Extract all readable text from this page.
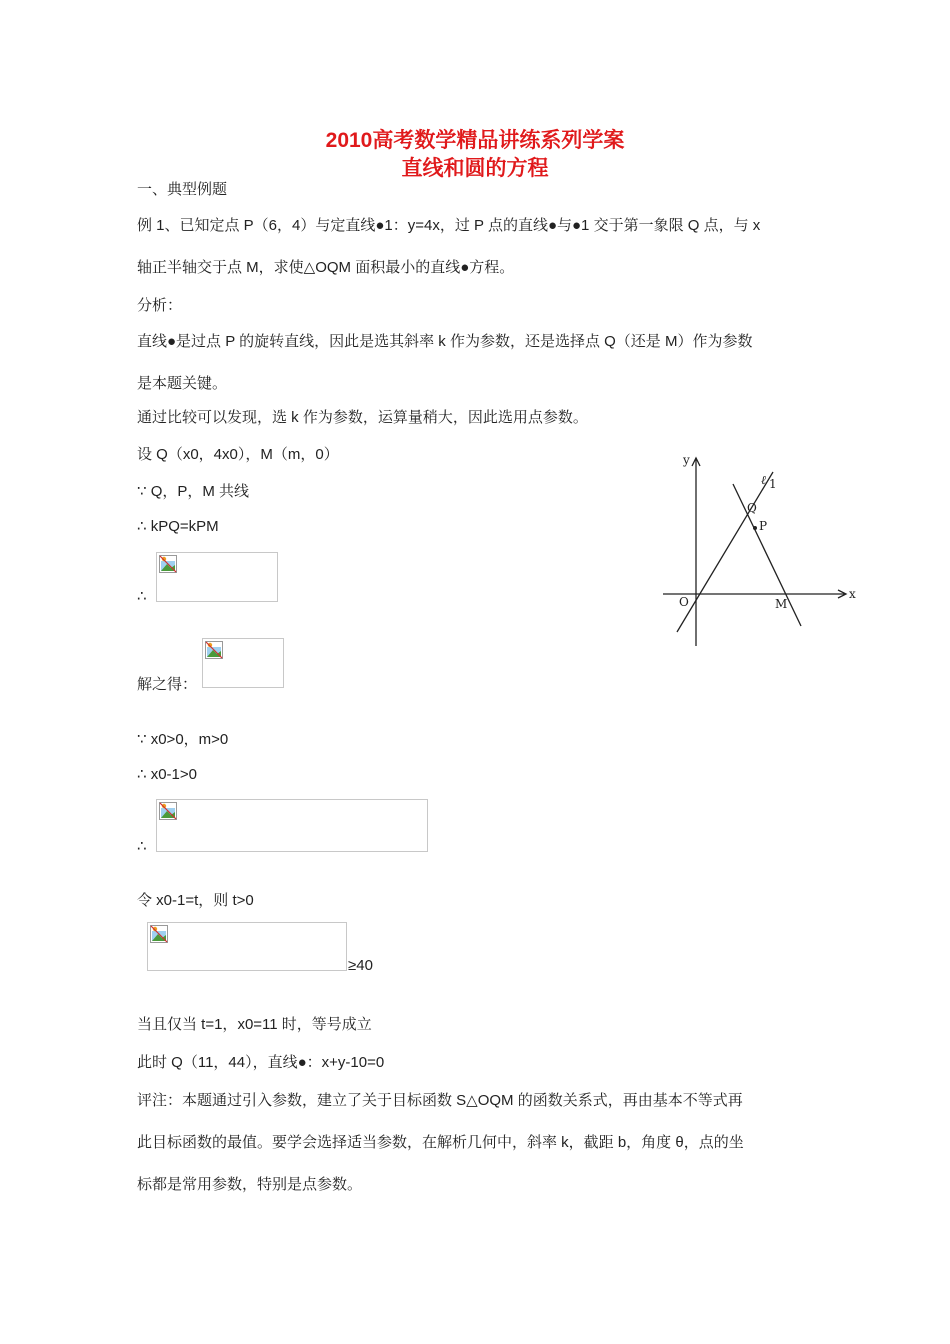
2010高考数学精品讲练系列学案
直线和圆的方程
一、典型例题
例 1、已知定点 P（6，4）与定直线●1：y=4x，过 P 点的直线●与●1 交于第一象限 Q 点，与 x
轴正半轴交于点 M，求使△OQM 面积最小的直线●方程。
分析：
直线●是过点 P 的旋转直线，因此是选其斜率 k 作为参数，还是选择点 Q（还是 M）作为参数
是本题关键。
通过比较可以发现，选 k 作为参数，运算量稍大，因此选用点参数。
设 Q（x0，4x0），M（m，0）
∵ Q，P，M 共线
∴ kPQ=kPM
∴
解之得：
∵ x0>0，m>0
∴ x0-1>0
∴
令 x0-1=t，则 t>0
≥40
当且仅当 t=1，x0=11 时，等号成立
此时 Q（11，44），直线●：x+y-10=0
评注：本题通过引入参数，建立了关于目标函数 S△OQM 的函数关系式，再由基本不等式再
此目标函数的最值。要学会选择适当参数，在解析几何中，斜率 k，截距 b，角度 θ，点的坐
标都是常用参数，特别是点参数。
y
x
O
Q
P
M
ℓ 1
